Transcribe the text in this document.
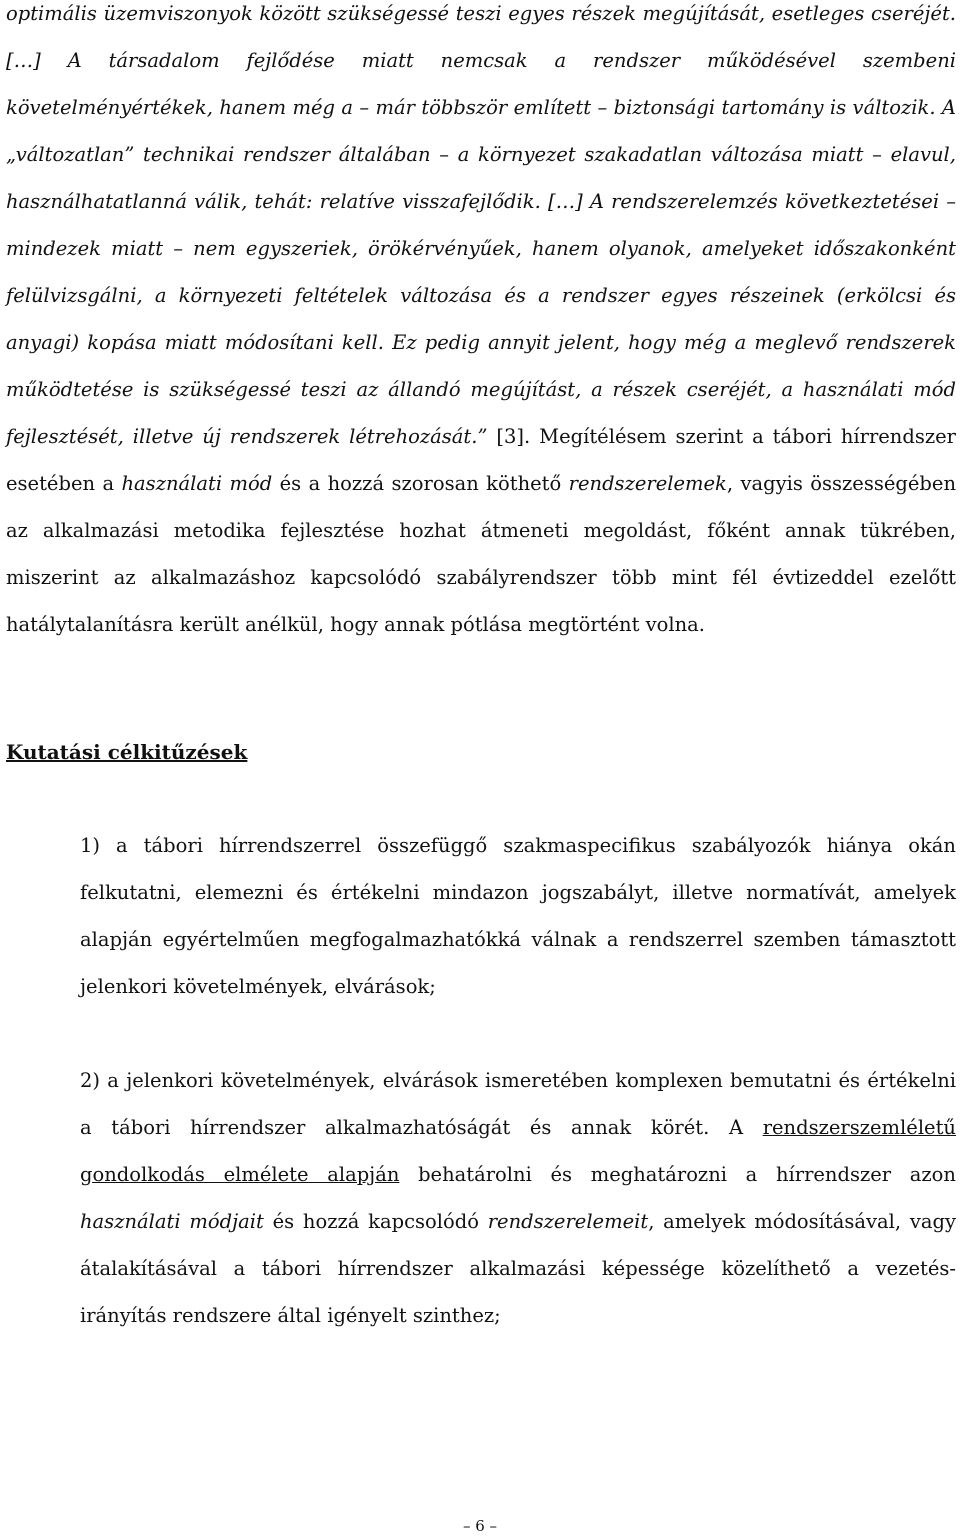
optimális üzemviszonyok között szükségessé teszi egyes részek megújítását, esetleges cseréjét. […] A társadalom fejlődése miatt nemcsak a rendszer működésével szembeni követelményértékek, hanem még a – már többször említett – biztonsági tartomány is változik. A „változatlan” technikai rendszer általában – a környezet szakadatlan változása miatt – elavul, használhatatlanná válik, tehát: relatíve visszafejlődik. […] A rendszerelemzés következtetései – mindezek miatt – nem egyszeriek, örökérvényűek, hanem olyanok, amelyeket időszakonként felülvizsgálni, a környezeti feltételek változása és a rendszer egyes részeinek (erkölcsi és anyagi) kopása miatt módosítani kell. Ez pedig annyit jelent, hogy még a meglevő rendszerek működtetése is szükségessé teszi az állandó megújítást, a részek cseréjét, a használati mód fejlesztését, illetve új rendszerek létrehozását.” [3]. Megítélésem szerint a tábori hírrendszer esetében a használati mód és a hozzá szorosan köthető rendszerelemek, vagyis összességében az alkalmazási metodika fejlesztése hozhat átmeneti megoldást, főként annak tükrében, miszerint az alkalmazáshoz kapcsolódó szabályrendszer több mint fél évtizeddel ezelőtt hatálytalanításra került anélkül, hogy annak pótlása megtörtént volna.

Kutatási célkitűzések

1) a tábori hírrendszerrel összefüggő szakmaspecifikus szabályozók hiánya okán felkutatni, elemezni és értékelni mindazon jogszabályt, illetve normatívát, amelyek alapján egyértelműen megfogalmazhatókká válnak a rendszerrel szemben támasztott jelenkori követelmények, elvárások;

2) a jelenkori követelmények, elvárások ismeretében komplexen bemutatni és értékelni a tábori hírrendszer alkalmazhatóságát és annak körét. A rendszerszemléletű gondolkodás elmélete alapján behatárolni és meghatározni a hírrendszer azon használati módjait és hozzá kapcsolódó rendszerelemeit, amelyek módosításával, vagy átalakításával a tábori hírrendszer alkalmazási képessége közelíthető a vezetés-irányítás rendszere által igényelt szinthez;

– 6 –
